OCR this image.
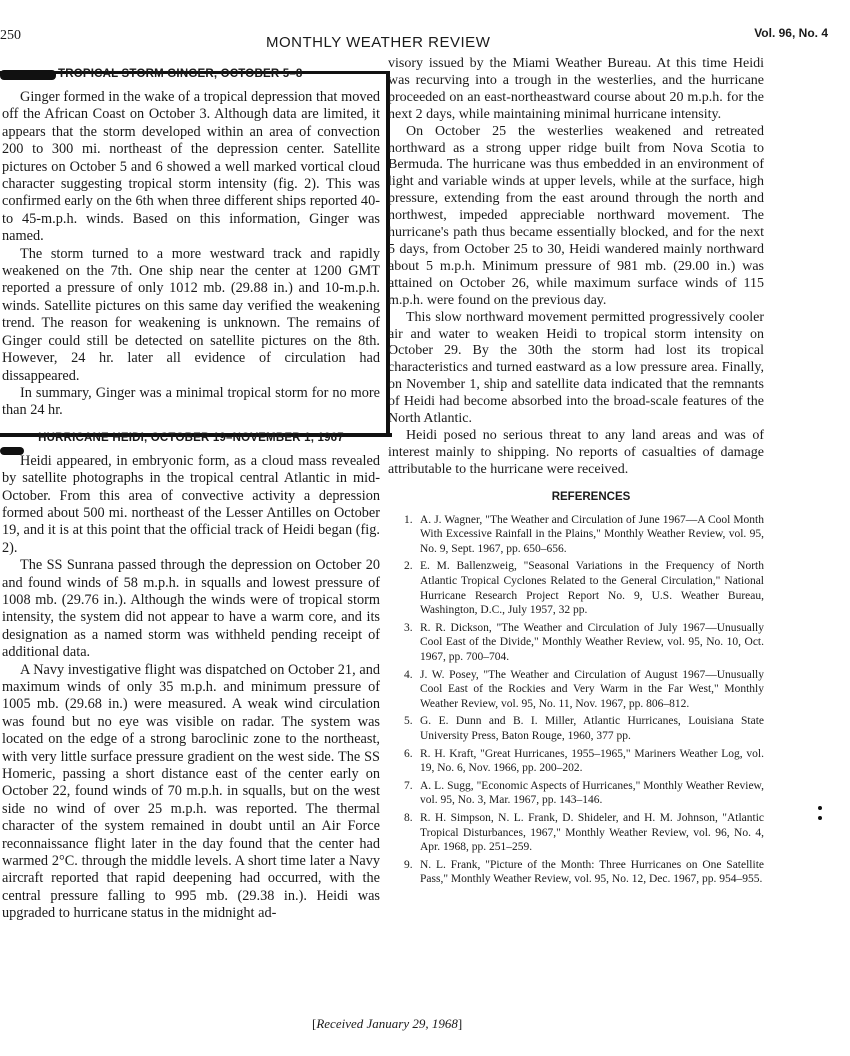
250	MONTHLY WEATHER REVIEW
Vol. 96, No. 4
TROPICAL STORM GINGER, OCTOBER 5–8

Ginger formed in the wake of a tropical depression that moved off the African Coast on October 3. Although data are limited, it appears that the storm developed within an area of convection 200 to 300 mi. northeast of the depression center. Satellite pictures on October 5 and 6 showed a well marked vortical cloud character suggesting tropical storm intensity (fig. 2). This was confirmed early on the 6th when three different ships reported 40- to 45-m.p.h. winds. Based on this information, Ginger was named.

The storm turned to a more westward track and rapidly weakened on the 7th. One ship near the center at 1200 GMT reported a pressure of only 1012 mb. (29.88 in.) and 10-m.p.h. winds. Satellite pictures on this same day verified the weakening trend. The reason for weakening is unknown. The remains of Ginger could still be detected on satellite pictures on the 8th. However, 24 hr. later all evidence of circulation had dissappeared.

In summary, Ginger was a minimal tropical storm for no more than 24 hr.

HURRICANE HEIDI, OCTOBER 19–NOVEMBER 1, 1967

Heidi appeared, in embryonic form, as a cloud mass revealed by satellite photographs in the tropical central Atlantic in mid-October. From this area of convective activity a depression formed about 500 mi. northeast of the Lesser Antilles on October 19, and it is at this point that the official track of Heidi began (fig. 2).

The SS Sunrana passed through the depression on October 20 and found winds of 58 m.p.h. in squalls and lowest pressure of 1008 mb. (29.76 in.). Although the winds were of tropical storm intensity, the system did not appear to have a warm core, and its designation as a named storm was withheld pending receipt of additional data.

A Navy investigative flight was dispatched on October 21, and maximum winds of only 35 m.p.h. and minimum pressure of 1005 mb. (29.68 in.) were measured. A weak wind circulation was found but no eye was visible on radar. The system was located on the edge of a strong baroclinic zone to the northeast, with very little surface pressure gradient on the west side. The SS Homeric, passing a short distance east of the center early on October 22, found winds of 70 m.p.h. in squalls, but on the west side no wind of over 25 m.p.h. was reported. The thermal character of the system remained in doubt until an Air Force reconnaissance flight later in the day found that the center had warmed 2°C. through the middle levels. A short time later a Navy aircraft reported that rapid deepening had occurred, with the central pressure falling to 995 mb. (29.38 in.). Heidi was upgraded to hurricane status in the midnight ad-

visory issued by the Miami Weather Bureau. At this time Heidi was recurving into a trough in the westerlies, and the hurricane proceeded on an east-northeastward course about 20 m.p.h. for the next 2 days, while maintaining minimal hurricane intensity.

On October 25 the westerlies weakened and retreated northward as a strong upper ridge built from Nova Scotia to Bermuda. The hurricane was thus embedded in an environment of light and variable winds at upper levels, while at the surface, high pressure, extending from the east around through the north and northwest, impeded appreciable northward movement. The hurricane's path thus became essentially blocked, and for the next 5 days, from October 25 to 30, Heidi wandered mainly northward about 5 m.p.h. Minimum pressure of 981 mb. (29.00 in.) was attained on October 26, while maximum surface winds of 115 m.p.h. were found on the previous day.

This slow northward movement permitted progressively cooler air and water to weaken Heidi to tropical storm intensity on October 29. By the 30th the storm had lost its tropical characteristics and turned eastward as a low pressure area. Finally, on November 1, ship and satellite data indicated that the remnants of Heidi had become absorbed into the broad-scale features of the North Atlantic.

Heidi posed no serious threat to any land areas and was of interest mainly to shipping. No reports of casualties of damage attributable to the hurricane were received.

REFERENCES
1. A. J. Wagner, "The Weather and Circulation of June 1967—A Cool Month With Excessive Rainfall in the Plains," Monthly Weather Review, vol. 95, No. 9, Sept. 1967, pp. 650–656.
2. E. M. Ballenzweig, "Seasonal Variations in the Frequency of North Atlantic Tropical Cyclones Related to the General Circulation," National Hurricane Research Project Report No. 9, U.S. Weather Bureau, Washington, D.C., July 1957, 32 pp.
3. R. R. Dickson, "The Weather and Circulation of July 1967—Unusually Cool East of the Divide," Monthly Weather Review, vol. 95, No. 10, Oct. 1967, pp. 700–704.
4. J. W. Posey, "The Weather and Circulation of August 1967—Unusually Cool East of the Rockies and Very Warm in the Far West," Monthly Weather Review, vol. 95, No. 11, Nov. 1967, pp. 806–812.
5. G. E. Dunn and B. I. Miller, Atlantic Hurricanes, Louisiana State University Press, Baton Rouge, 1960, 377 pp.
6. R. H. Kraft, "Great Hurricanes, 1955–1965," Mariners Weather Log, vol. 19, No. 6, Nov. 1966, pp. 200–202.
7. A. L. Sugg, "Economic Aspects of Hurricanes," Monthly Weather Review, vol. 95, No. 3, Mar. 1967, pp. 143–146.
8. R. H. Simpson, N. L. Frank, D. Shideler, and H. M. Johnson, "Atlantic Tropical Disturbances, 1967," Monthly Weather Review, vol. 96, No. 4, Apr. 1968, pp. 251–259.
9. N. L. Frank, "Picture of the Month: Three Hurricanes on One Satellite Pass," Monthly Weather Review, vol. 95, No. 12, Dec. 1967, pp. 954–955.
[Received January 29, 1968]
